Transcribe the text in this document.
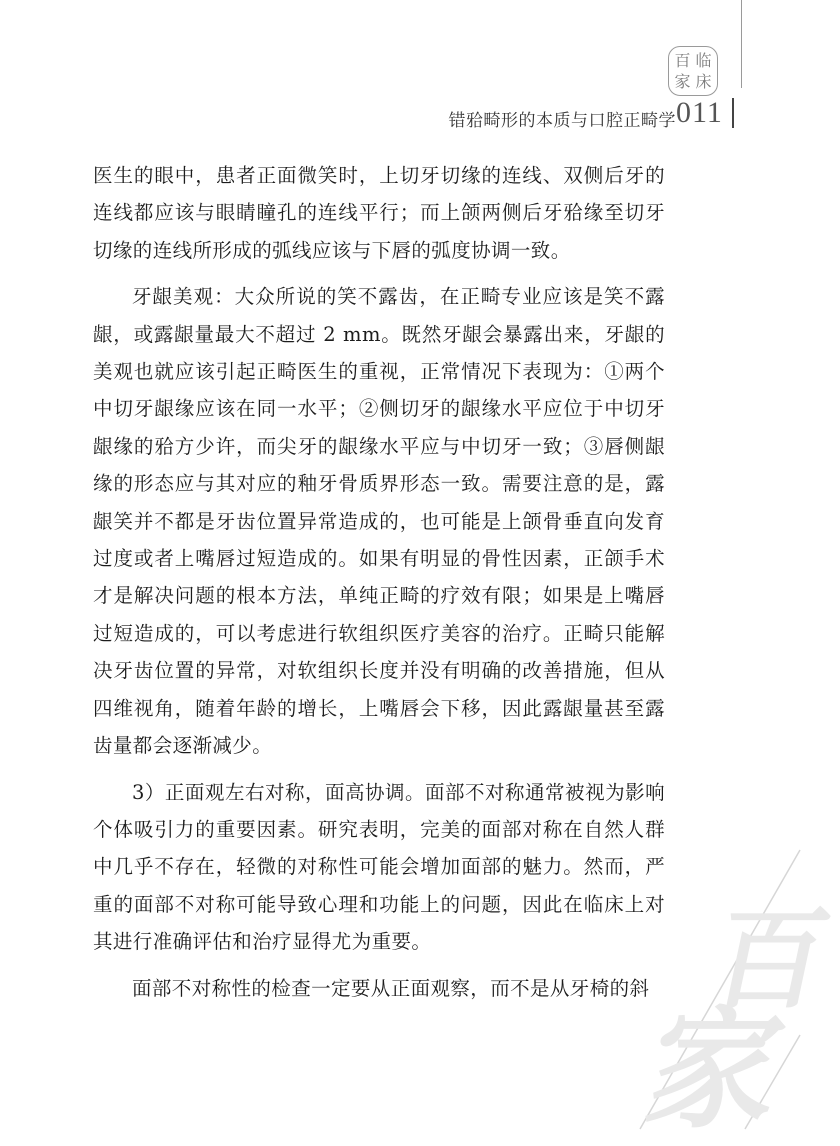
百 临
家 床
错𬌗畸形的本质与口腔正畸学 011

医生的眼中，患者正面微笑时，上切牙切缘的连线、双侧后牙的连线都应该与眼睛瞳孔的连线平行；而上颌两侧后牙𬌗缘至切牙切缘的连线所形成的弧线应该与下唇的弧度协调一致。

牙龈美观：大众所说的笑不露齿，在正畸专业应该是笑不露龈，或露龈量最大不超过 2 mm。既然牙龈会暴露出来，牙龈的美观也就应该引起正畸医生的重视，正常情况下表现为：①两个中切牙龈缘应该在同一水平；②侧切牙的龈缘水平应位于中切牙龈缘的𬌗方少许，而尖牙的龈缘水平应与中切牙一致；③唇侧龈缘的形态应与其对应的釉牙骨质界形态一致。需要注意的是，露龈笑并不都是牙齿位置异常造成的，也可能是上颌骨垂直向发育过度或者上嘴唇过短造成的。如果有明显的骨性因素，正颌手术才是解决问题的根本方法，单纯正畸的疗效有限；如果是上嘴唇过短造成的，可以考虑进行软组织医疗美容的治疗。正畸只能解决牙齿位置的异常，对软组织长度并没有明确的改善措施，但从四维视角，随着年龄的增长，上嘴唇会下移，因此露龈量甚至露齿量都会逐渐减少。

3）正面观左右对称，面高协调。面部不对称通常被视为影响个体吸引力的重要因素。研究表明，完美的面部对称在自然人群中几乎不存在，轻微的对称性可能会增加面部的魅力。然而，严重的面部不对称可能导致心理和功能上的问题，因此在临床上对其进行准确评估和治疗显得尤为重要。

面部不对称性的检查一定要从正面观察，而不是从牙椅的斜 百
家
